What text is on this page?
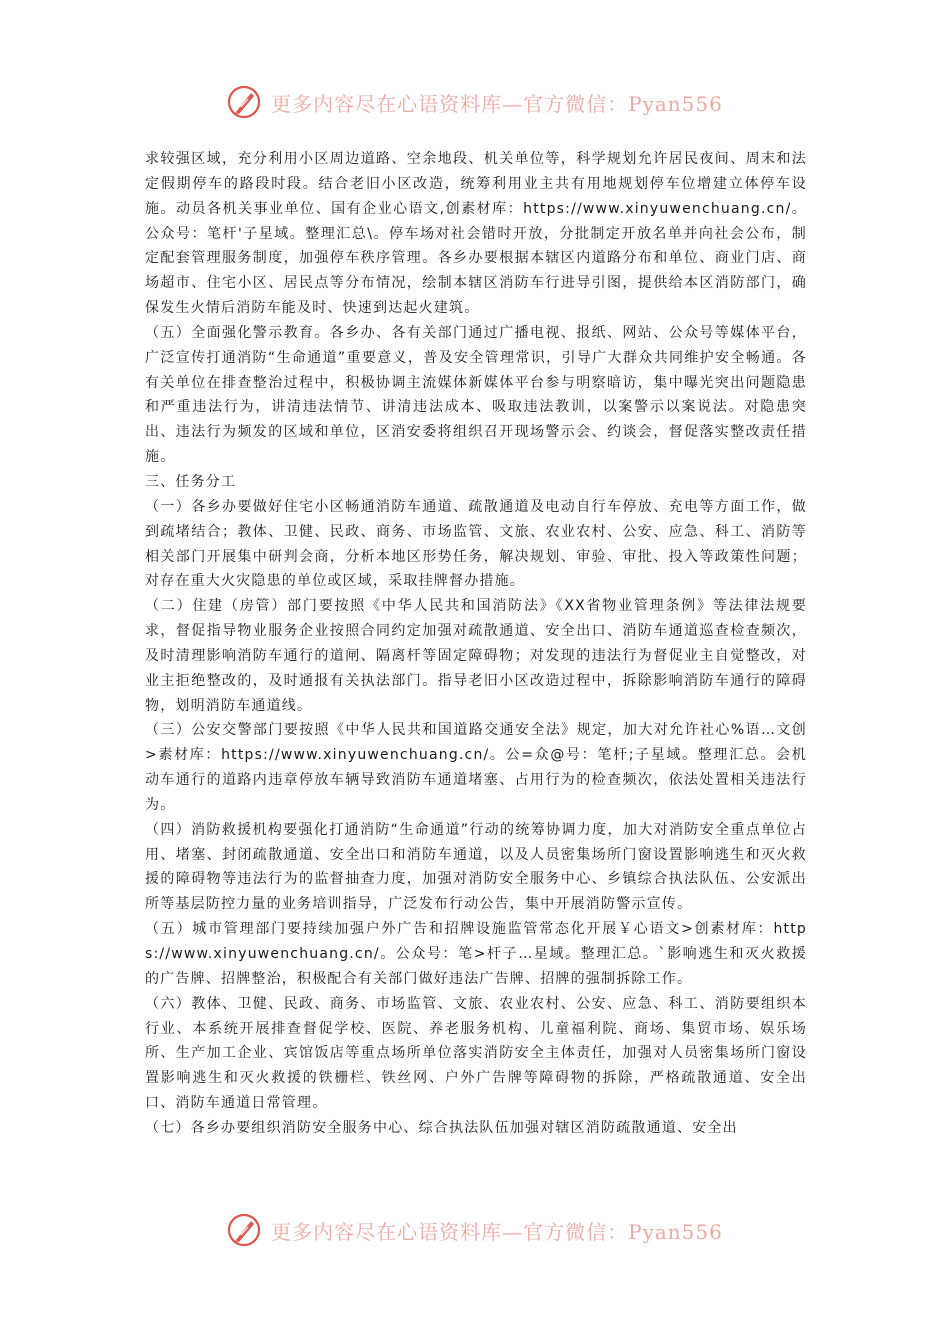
更多内容尽在心语资料库—官方微信：Pyan556

求较强区域，充分利用小区周边道路、空余地段、机关单位等，科学规划允许居民夜间、周末和法定假期停车的路段时段。结合老旧小区改造，统筹利用业主共有用地规划停车位增建立体停车设施。动员各机关事业单位、国有企业心语文,创素材库：https://www.xinyuwenchuang.cn/。公众号：笔杆'子星域。整理汇总\。停车场对社会错时开放，分批制定开放名单并向社会公布，制定配套管理服务制度，加强停车秩序管理。各乡办要根据本辖区内道路分布和单位、商业门店、商场超市、住宅小区、居民点等分布情况，绘制本辖区消防车行进导引图，提供给本区消防部门，确保发生火情后消防车能及时、快速到达起火建筑。

（五）全面强化警示教育。各乡办、各有关部门通过广播电视、报纸、网站、公众号等媒体平台，广泛宣传打通消防“生命通道”重要意义，普及安全管理常识，引导广大群众共同维护安全畅通。各有关单位在排查整治过程中，积极协调主流媒体新媒体平台参与明察暗访，集中曝光突出问题隐患和严重违法行为，讲清违法情节、讲清违法成本、吸取违法教训，以案警示以案说法。对隐患突出、违法行为频发的区域和单位，区消安委将组织召开现场警示会、约谈会，督促落实整改责任措施。

三、任务分工

（一）各乡办要做好住宅小区畅通消防车通道、疏散通道及电动自行车停放、充电等方面工作，做到疏堵结合；教体、卫健、民政、商务、市场监管、文旅、农业农村、公安、应急、科工、消防等相关部门开展集中研判会商，分析本地区形势任务，解决规划、审验、审批、投入等政策性问题；对存在重大火灾隐患的单位或区域，采取挂牌督办措施。

（二）住建（房管）部门要按照《中华人民共和国消防法》《XX省物业管理条例》等法律法规要求，督促指导物业服务企业按照合同约定加强对疏散通道、安全出口、消防车通道巡查检查频次，及时清理影响消防车通行的道闸、隔离杆等固定障碍物；对发现的违法行为督促业主自觉整改，对业主拒绝整改的，及时通报有关执法部门。指导老旧小区改造过程中，拆除影响消防车通行的障碍物，划明消防车通道线。

（三）公安交警部门要按照《中华人民共和国道路交通安全法》规定，加大对允许社心%语…文创>素材库：https://www.xinyuwenchuang.cn/。公=众@号：笔杆;子星域。整理汇总。会机动车通行的道路内违章停放车辆导致消防车通道堵塞、占用行为的检查频次，依法处置相关违法行为。

（四）消防救援机构要强化打通消防“生命通道”行动的统筹协调力度，加大对消防安全重点单位占用、堵塞、封闭疏散通道、安全出口和消防车通道，以及人员密集场所门窗设置影响逃生和灭火救援的障碍物等违法行为的监督抽查力度，加强对消防安全服务中心、乡镇综合执法队伍、公安派出所等基层防控力量的业务培训指导，广泛发布行动公告，集中开展消防警示宣传。

（五）城市管理部门要持续加强户外广告和招牌设施监管常态化开展￥心语文>创素材库：https://www.xinyuwenchuang.cn/。公众号：笔>杆子…星域。整理汇总。`影响逃生和灭火救援的广告牌、招牌整治，积极配合有关部门做好违法广告牌、招牌的强制拆除工作。

（六）教体、卫健、民政、商务、市场监管、文旅、农业农村、公安、应急、科工、消防要组织本行业、本系统开展排查督促学校、医院、养老服务机构、儿童福利院、商场、集贸市场、娱乐场所、生产加工企业、宾馆饭店等重点场所单位落实消防安全主体责任，加强对人员密集场所门窗设置影响逃生和灭火救援的铁栅栏、铁丝网、户外广告牌等障碍物的拆除，严格疏散通道、安全出口、消防车通道日常管理。

（七）各乡办要组织消防安全服务中心、综合执法队伍加强对辖区消防疏散通道、安全出

更多内容尽在心语资料库—官方微信：Pyan556
